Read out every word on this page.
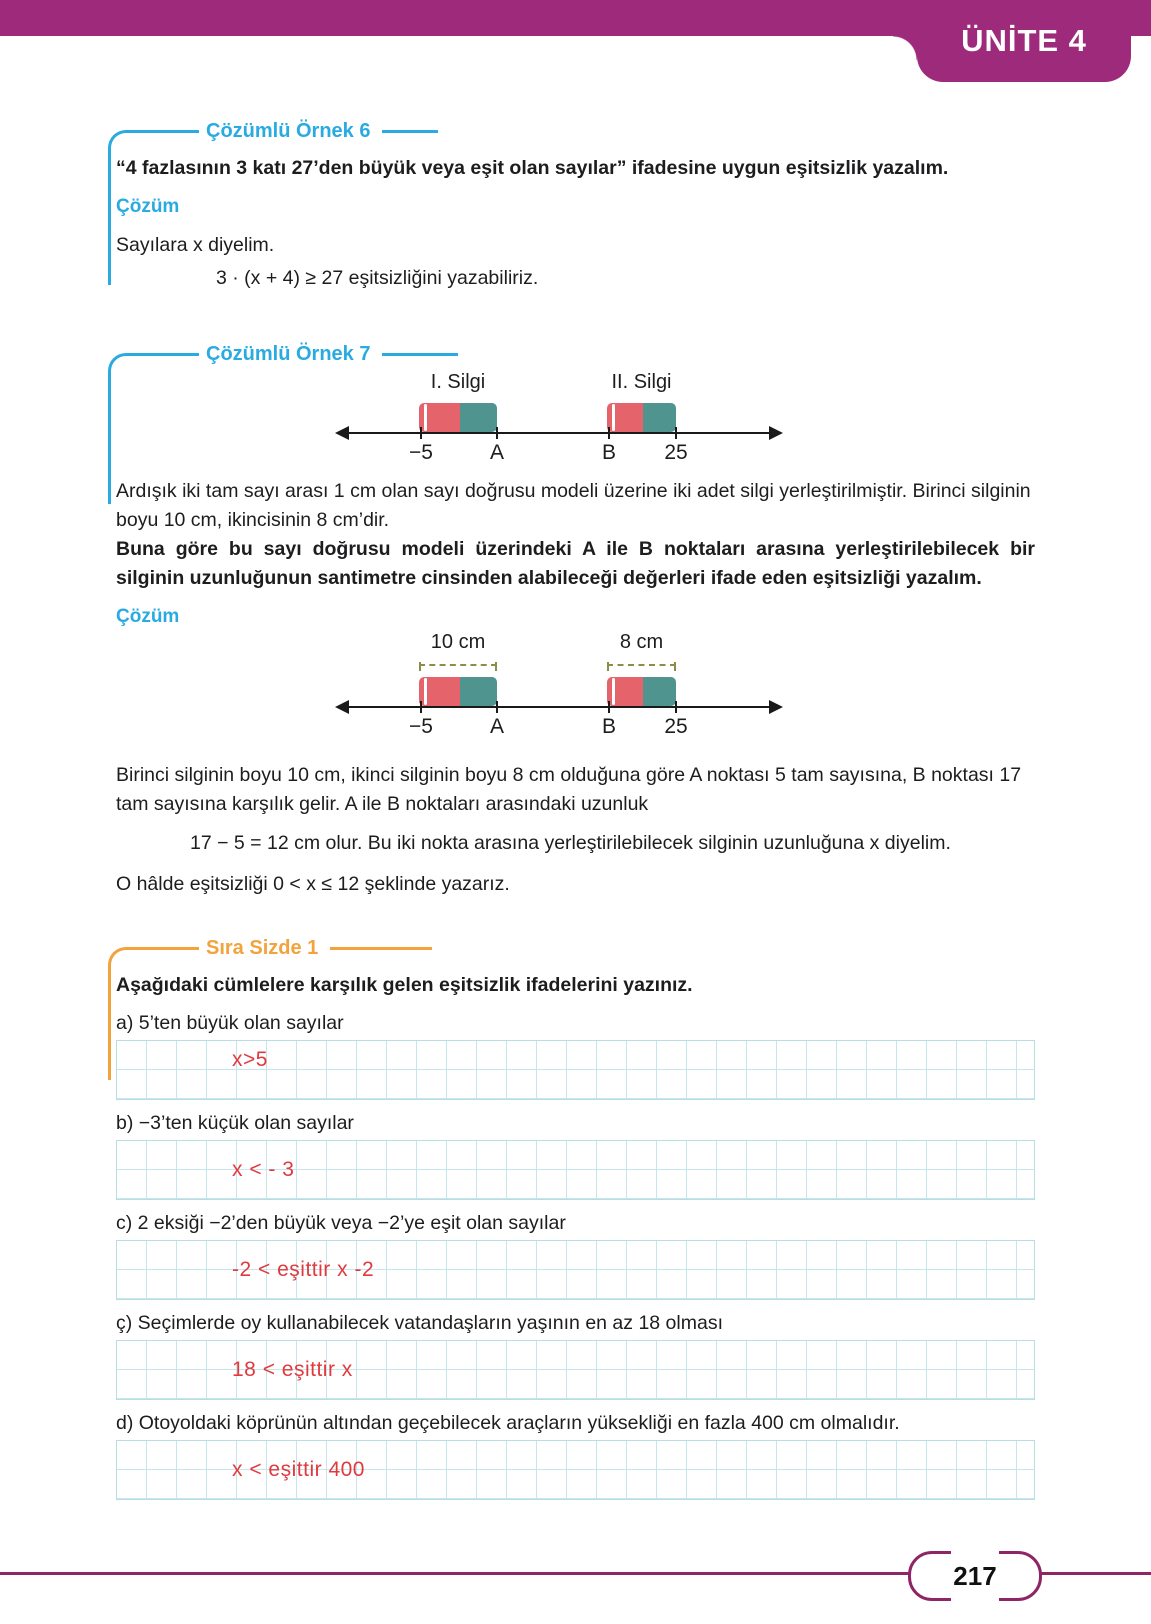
ÜNİTE 4
Çözümlü Örnek 6

“4 fazlasının 3 katı 27’den büyük veya eşit olan sayılar” ifadesine uygun eşitsizlik yazalım.

Çözüm

Sayılara x diyelim.

3 · (x + 4) ≥ 27 eşitsizliğini yazabiliriz.

Çözümlü Örnek 7
I. Silgi	II. Silgi
−5	A	B	25

Ardışık iki tam sayı arası 1 cm olan sayı doğrusu modeli üzerine iki adet silgi yerleştirilmiştir. Birinci silginin boyu 10 cm, ikincisinin 8 cm’dir.

Buna göre bu sayı doğrusu modeli üzerindeki A ile B noktaları arasına yerleştirilebilecek bir silginin uzunluğunun santimetre cinsinden alabileceği değerleri ifade eden eşitsizliği yazalım.

Çözüm

10 cm	8 cm
−5	A	B	25

Birinci silginin boyu 10 cm, ikinci silginin boyu 8 cm olduğuna göre A noktası 5 tam sayısına, B noktası 17 tam sayısına karşılık gelir. A ile B noktaları arasındaki uzunluk

17 − 5 = 12 cm olur. Bu iki nokta arasına yerleştirilebilecek silginin uzunluğuna x diyelim.

O hâlde eşitsizliği 0 < x ≤ 12 şeklinde yazarız.

Sıra Sizde 1

Aşağıdaki cümlelere karşılık gelen eşitsizlik ifadelerini yazınız.

a) 5’ten büyük olan sayılar

x>5

b) −3’ten küçük olan sayılar

x < - 3

c) 2 eksiği −2’den büyük veya −2’ye eşit olan sayılar

-2 < eşittir x -2

ç) Seçimlerde oy kullanabilecek vatandaşların yaşının en az 18 olması

18 < eşittir x

d) Otoyoldaki köprünün altından geçebilecek araçların yüksekliği en fazla 400 cm olmalıdır.

x < eşittir 400
217
